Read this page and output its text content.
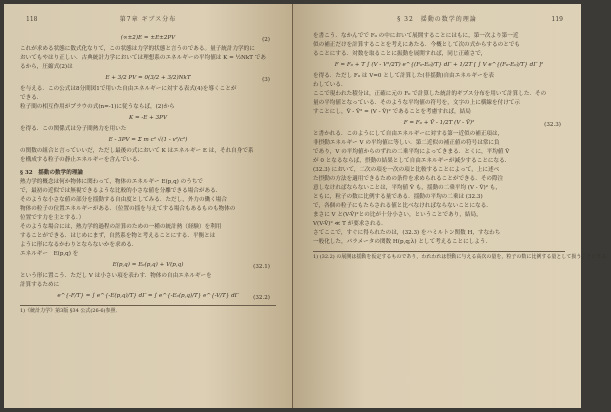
118	第7章 ギブス分布
(∞±2)E = ±E±2PV	(2)
これが求める状態に数式化なりて，この状態は力学的状態と言うのである。量子統計力学的に
おいてもやはり正しい．古典統計力学においては理想系のエネルギーの平均値は K = ½NkT であ
るから，圧縮式(2)は
E + 3/2 PV = 0(3/2 + 3/2)NkT	(3)
を与える．この公式は8分間図1で用いた自由エネルギーに対する表式(4)を導くことが
できる．
粒子間の相互作用がプラウの式(n=-1)に従うならば，(2)から
K = -E + 3PV
を得る．この関係式は分子間熱力を用いた
E - 3PV = Σ m c² √(1 - v²/c²)
の関数の組合と言っていいだ，ただし最後の式において K はエネルギー E は，それ自身で系
を構成する粒子の静止エネルギーを含んでいる．
§ 32　揺動の数学的理論
熱力学的概念は何か物体に関わって，物体のエネルギー E(p,q) のうちで
で，最初の近似では無視できるような比較的小さな値を分離できる場合がある．
そのような小さな値の部分を揺動する自由度としてみる．ただし，外力の働く場合
物体の粒子の位置エネルギーがある．（位置の揺を与えてする場合もあるものも物体の
位置です力を主とする．）
そのような場合には，熱力学的過程の計算のための一種の統計熱（経験）を利用
することができる．はじめにまず，自然系を物と考えることにする．平衡とは
ように形になるかわりとならないかを求める．
エネルギー　E(p,q) を
E(p,q) = E₀(p,q) + V(p,q)	(32.1)
という形に置こう．ただし V は小さい項を表わす．物体の自由エネルギーを
計算するために
e^{-F/T} = ∫ e^{-E(p,q)/T} dΓ = ∫ e^{-E₀(p,q)/T} e^{-V/T} dΓ	(32.2)
1)《統計力学》第3版 §34 公式(26-6)参照．
§ 32　揺動の数学的理論	119
を書こう．なかんでで F₀ の中において展開することにはもに，第一次より第一近
似の補正だけを計算することを考えにあたる．今概として次の式からするのとでも
ることにする．対数を取ることに振動を展開すれば，同じ正確さで，
F = F₀ + T ∫ (V - V²/2T) e^{(F₀-E₀)/T} dΓ + 1/2T [ ∫ V e^{(F₀-E₀)/T} dΓ ]²
を得る．ただし F₀ は V=0 として計算した(非揺動)自由エネルギーを表
わしている．
ここで現われた積分は，正確に元の F₀ で計算した統計的ギブス分布を用いて計算した．その
量の平均値となっている．そのような平均値の符号を，文字の上に横線を付けて示
すことにし，V̄ - V̄² = (V - V̄)² であることを考慮すれば，結局
F = F₀ + V̄ - 1/2T (V - V̄)²	(32.3)
と書かれる．このようにして自由エネルギーに対する第一近似の補正項は，
非摂動エネルギー V の平均値に等しい．第二近似の補正値の符号は常に負
であり，V の平均値からのずれの二乗平均によってきまる．とくに，平均値 V̄
が 0 となるならば，摂動の結果として自由エネルギーが減少することになる．
(32.3) において，二次の項を一次の項と比較することによって，上に述べ
た摂動の方法を適用できるための条件を求められることができる．その際注
意しなければならないことは，平均値 V̄ も，揺動の二乗平均 (V - V̄)² も，
ともに，粒子の数に比例する量である．揺動の平均の二乗は (32.3)
で，各個の粒子にもたらされる値と比べなければならないことになる．
まさに V と(V-V̄)²との比が十分小さい，ということであり，結局，
V(V-V̄)² ≪ T が要求される．
さてここで，すぐに得られたのは，(32.3) をハミルトン関数 H，すなわち
一般化した，パラメータの関数 H(p,q;λ) として考えることにしよう．
1) (32.2) の展開は揺動を仮定するものであり，われわれは摂動に与える高次の量を，粒子の数に比例する量として扱うことにする．
